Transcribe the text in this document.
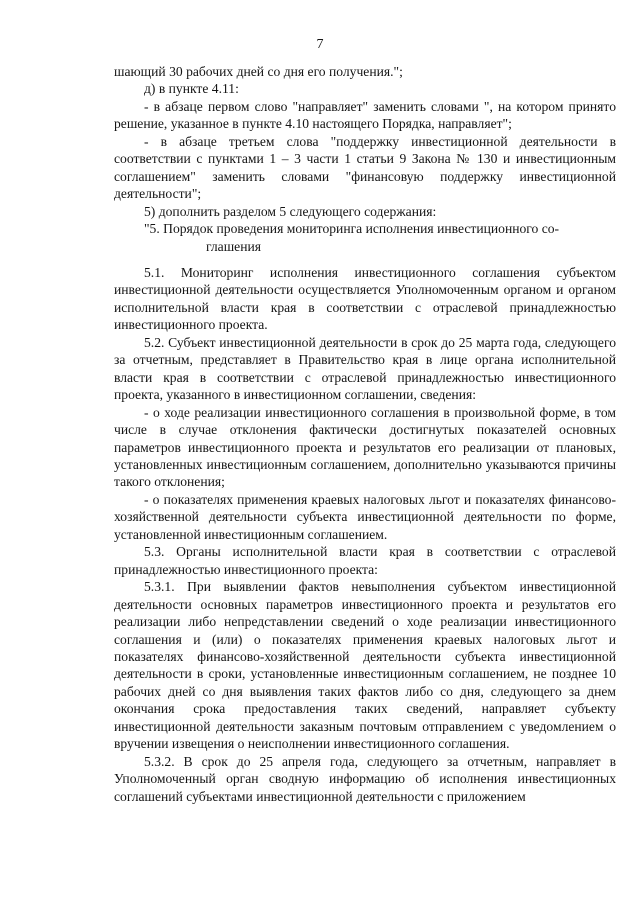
7

шающий 30 рабочих дней со дня его получения.";

д) в пункте 4.11:

- в абзаце первом слово "направляет" заменить словами ", на котором принято решение, указанное в пункте 4.10 настоящего Порядка, направляет";

- в абзаце третьем слова "поддержку инвестиционной деятельности в соответствии с пунктами 1 – 3 части 1 статьи 9 Закона № 130 и инвестиционным соглашением" заменить словами "финансовую поддержку инвестиционной деятельности";

5) дополнить разделом 5 следующего содержания:

"5. Порядок проведения мониторинга исполнения инвестиционного со-
глашения

5.1. Мониторинг исполнения инвестиционного соглашения субъектом инвестиционной деятельности осуществляется Уполномоченным органом и органом исполнительной власти края в соответствии с отраслевой принадлежностью инвестиционного проекта.

5.2. Субъект инвестиционной деятельности в срок до 25 марта года, следующего за отчетным, представляет в Правительство края в лице органа исполнительной власти края в соответствии с отраслевой принадлежностью инвестиционного проекта, указанного в инвестиционном соглашении, сведения:

- о ходе реализации инвестиционного соглашения в произвольной форме, в том числе в случае отклонения фактически достигнутых показателей основных параметров инвестиционного проекта и результатов его реализации от плановых, установленных инвестиционным соглашением, дополнительно указываются причины такого отклонения;

- о показателях применения краевых налоговых льгот и показателях финансово-хозяйственной деятельности субъекта инвестиционной деятельности по форме, установленной инвестиционным соглашением.

5.3. Органы исполнительной власти края в соответствии с отраслевой принадлежностью инвестиционного проекта:

5.3.1. При выявлении фактов невыполнения субъектом инвестиционной деятельности основных параметров инвестиционного проекта и результатов его реализации либо непредставлении сведений о ходе реализации инвестиционного соглашения и (или) о показателях применения краевых налоговых льгот и показателях финансово-хозяйственной деятельности субъекта инвестиционной деятельности в сроки, установленные инвестиционным соглашением, не позднее 10 рабочих дней со дня выявления таких фактов либо со дня, следующего за днем окончания срока предоставления таких сведений, направляет субъекту инвестиционной деятельности заказным почтовым отправлением с уведомлением о вручении извещения о неисполнении инвестиционного соглашения.

5.3.2. В срок до 25 апреля года, следующего за отчетным, направляет в Уполномоченный орган сводную информацию об исполнения инвестиционных соглашений субъектами инвестиционной деятельности с приложением
